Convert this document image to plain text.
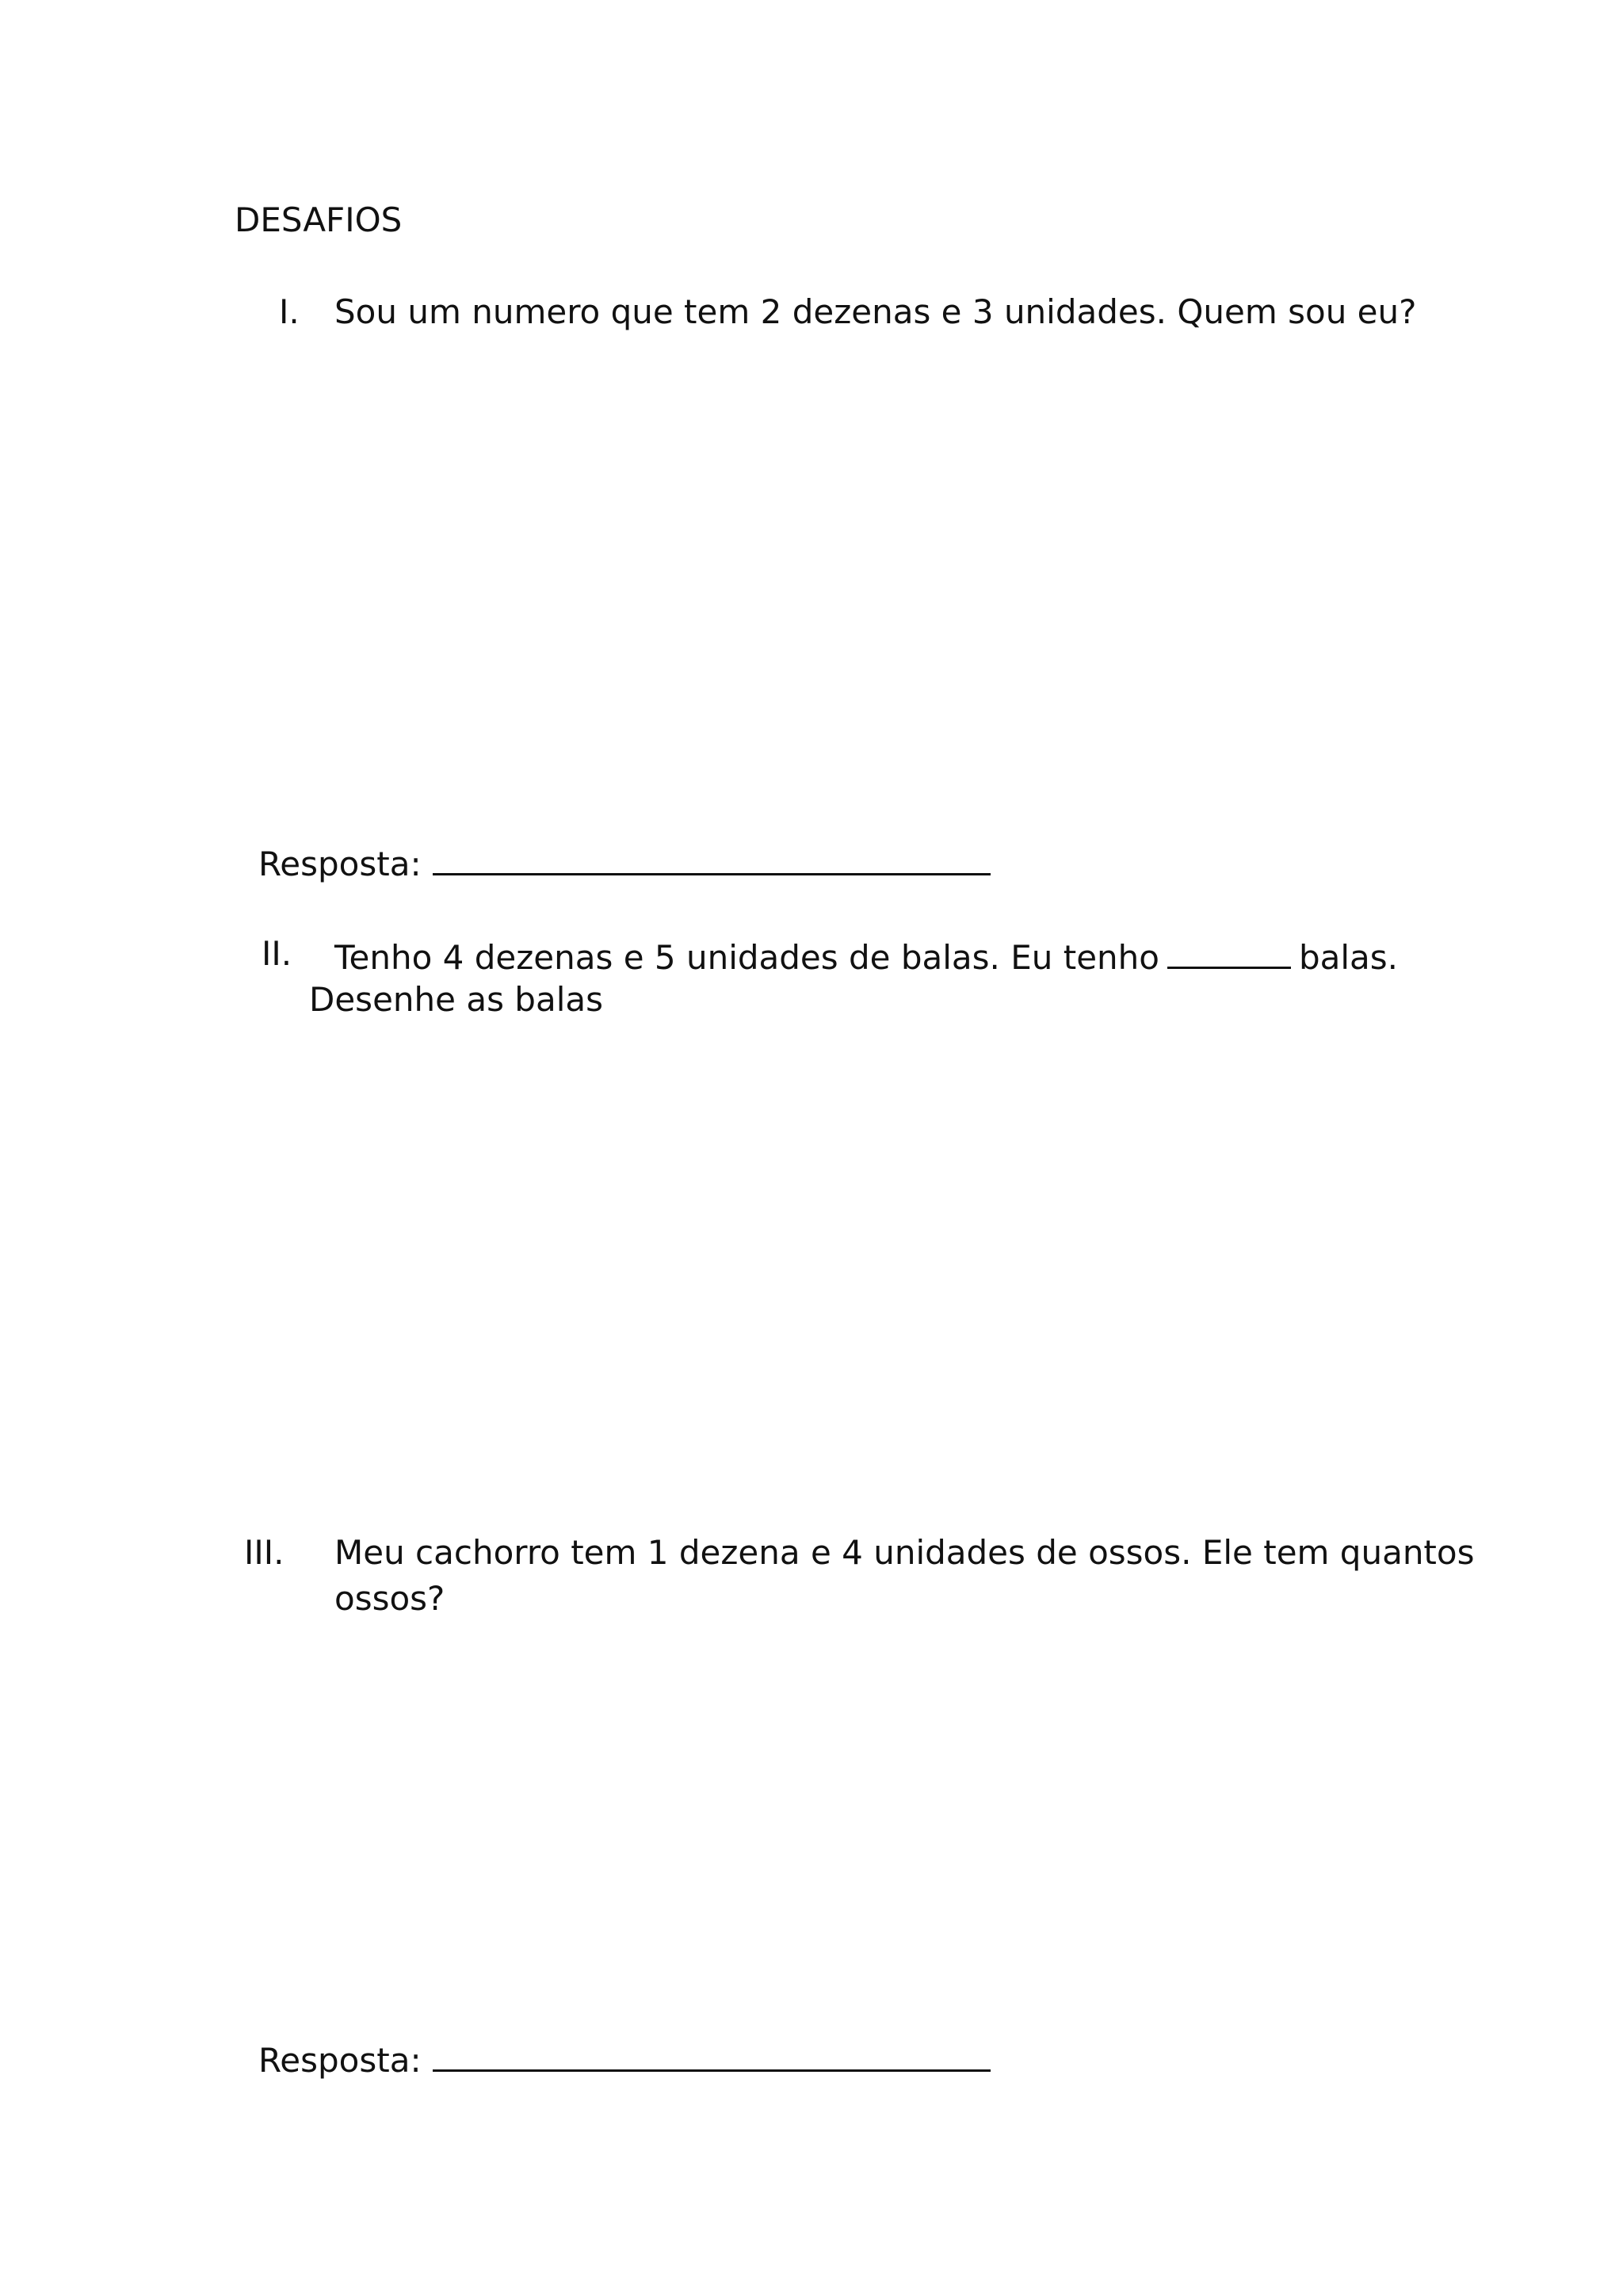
DESAFIOS
I. Sou um numero que tem 2 dezenas e 3 unidades. Quem sou eu?
Resposta:
II. Tenho 4 dezenas e 5 unidades de balas. Eu tenho	balas.
Desenhe as balas
III. Meu cachorro tem 1 dezena e 4 unidades de ossos. Ele tem quantos
ossos?
Resposta:
